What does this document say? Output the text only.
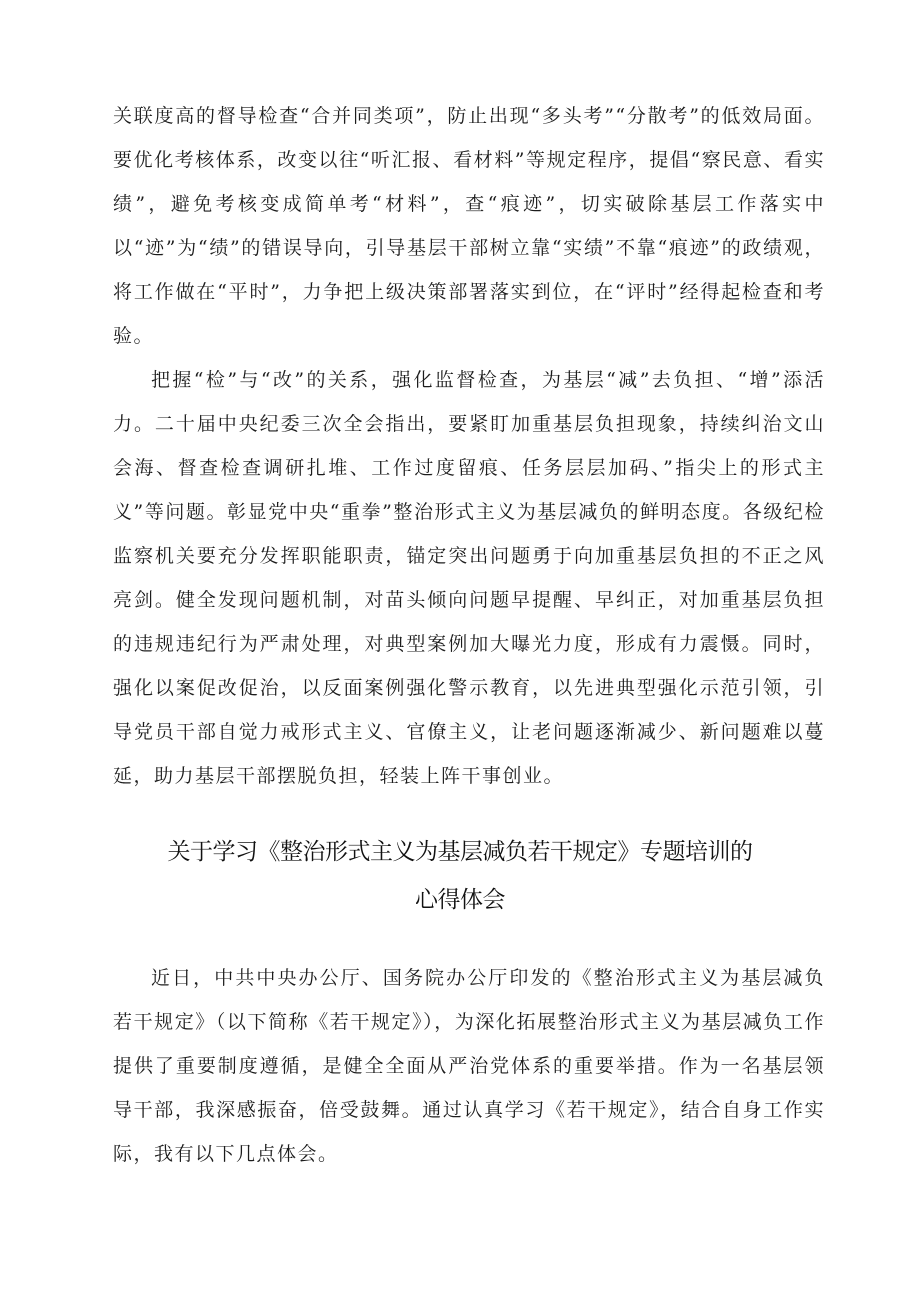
关联度高的督导检查“合并同类项”，防止出现“多头考”“分散考”的低效局面。要优化考核体系，改变以往“听汇报、看材料”等规定程序，提倡“察民意、看实绩”，避免考核变成简单考“材料”，查“痕迹”，切实破除基层工作落实中以“迹”为“绩”的错误导向，引导基层干部树立靠“实绩”不靠“痕迹”的政绩观，将工作做在“平时”，力争把上级决策部署落实到位，在“评时”经得起检查和考验。

把握“检”与“改”的关系，强化监督检查，为基层“减”去负担、“增”添活力。二十届中央纪委三次全会指出，要紧盯加重基层负担现象，持续纠治文山会海、督查检查调研扎堆、工作过度留痕、任务层层加码、”指尖上的形式主义”等问题。彰显党中央“重拳”整治形式主义为基层减负的鲜明态度。各级纪检监察机关要充分发挥职能职责，锚定突出问题勇于向加重基层负担的不正之风亮剑。健全发现问题机制，对苗头倾向问题早提醒、早纠正，对加重基层负担的违规违纪行为严肃处理，对典型案例加大曝光力度，形成有力震慑。同时，强化以案促改促治，以反面案例强化警示教育，以先进典型强化示范引领，引导党员干部自觉力戒形式主义、官僚主义，让老问题逐渐减少、新问题难以蔓延，助力基层干部摆脱负担，轻装上阵干事创业。

关于学习《整治形式主义为基层减负若干规定》专题培训的
心得体会

近日，中共中央办公厅、国务院办公厅印发的《整治形式主义为基层减负若干规定》（以下简称《若干规定》），为深化拓展整治形式主义为基层减负工作提供了重要制度遵循，是健全全面从严治党体系的重要举措。作为一名基层领导干部，我深感振奋，倍受鼓舞。通过认真学习《若干规定》，结合自身工作实际，我有以下几点体会。
